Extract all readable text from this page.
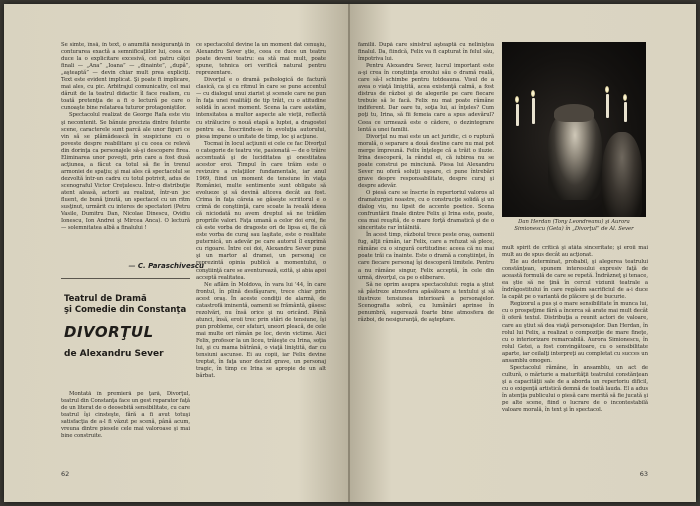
Se simte, însă, în text, o anumită nesiguranţă în conturarea exactă a semnificaţiilor lui, ceea ce duce la o explicitare excesivă, cei patru căţei finali — „Ana” „Ioana” — „dinainte”, „după”, „aşteaptă” — devin chiar mult prea expliciţi. Text este evident implicat. Şi poate fi implicare, mai ales, cu pic. Arbitrajul comunicativ, cel mai dăruit de la teatrul didactic îl face realism, cu toată pretenţia de a fi o lectură pe care o cunoaşte bine relatarea tuturor protagoniştilor.

Spectacolul realizat de George Rafa este viu şi necontenit. Se bănuie precizia dintre felurite scene, caracterele sunt parcă ale unor figuri ce vin să se plămădească în suspiciune cu o poveste despre reabilitare şi cu ceea ce relevă din dorinţa ca personajele să-şi descopere firea. Eliminarea unor poveşti, prin care a fost dusă acţiunea, a făcut ca totul să fie în trenul armoniei de spaţiu; şi mai ales că spectacolul se dezvoltă într-un cadru cu totul potrivit, adus de scenograful Victor Creţulescu. Într-o distribuţie atent aleasă, actorii au realizat, într-un joc fluent, de bună ţinută, un spectacol cu un ritm susţinut, urmărit cu interes de spectatori (Petru Vasile, Dumitru Dan, Nicolae Dinescu, Ovidiu Ionescu, Ion Andrei şi Mircea Anca). O lectură — solemnitatea albă a finalului !

— C. Paraschivescu
Teatrul de Dramă
şi Comedie din Constanţa
DIVORŢUL
de Alexandru Sever

Montată în premieră pe ţară, Divorţul, teatrul din Constanţa face un gest reparator faţă de un literat de o deosebită sensibilitate, cu care teatrul îşi cinsteşte, fără a fi avut totuşi satisfacţia de a-l fi văzut pe scenă, până acum, vreuna dintre piesele cele mai valoroase şi mai bine construite.

ce spectacolul devine la un moment dat cenuşiu, Alexandru Sever ştie, ceea ce duce un teatru poate deveni teatru: ea stă mai mult, poate spune, tehnica ori verifică natural pentru reprezentare.

Divorţul e o dramă psihologică de factură clasică, ca şi cu ritmul în care se pune accentul — cu dialogul unui ziarist şi scenele care ne pun în faţa unei realităţi de tip trăit, cu o atitudine solidă în acest moment. Scena la care asistăm, intensitatea a multor aspecte ale vieţii, reflectă cu strălucire o nouă etapă a luptei, a dragostei pentru ea. Înscriindu-se în evoluţia autorului, piesa impune o unitate de timp, loc şi acţiune.

Tocmai în locul acţiunii ei cele ce fac Divorţul o categorie de teatru vie, pasionată — de o trăire accentuată şi de luciditatea şi onestitatea acestor eroi. Timpul în care trăim este o revizuire a relaţiilor fundamentale, iar anul 1969, fiind un moment de tensiune în viaţa României, multe sentimente sunt obligate să evolueze şi să devină altceva decât au fost. Crima în faţa căreia se găseşte scriitorul e o crimă de conştiinţă, care scoate la iveală ideea că niciodată nu avem dreptul să ne trădăm propriile valori. Faţa umană a celor doi eroi, fie că este vorba de dragoste ori de lipsa ei, fie că este vorba de curaj sau laşitate, este o realitate puternică, un adevăr pe care autorul îl exprimă cu rigoare. Între cei doi, Alexandru Sever pune şi un martor al dramei, un personaj ce reprezintă opinia publică a momentului, o conştiinţă care se aventurează, ezită, şi abia apoi acceptă realitatea.

Ne aflăm în Moldova, în vara lui '44, în care frontul, în plină desfăşurare, trece chiar prin acest oraş. În aceste condiţii de alarmă, de catastrofă iminentă, oamenii se frământă, găsesc rezolvări, nu însă orice şi nu oricând. Până atunci, însă, eroii trec prin stări de tensiune, îşi pun probleme, cer sfaturi, uneori pleacă, de cele mai multe ori rămân pe loc, devin victime. Aici Felix, profesor la un liceu, trăieşte cu Irina, soţia lui, şi cu mama bătrână, o viaţă liniştită, dar cu tensiuni ascunse. Ei au copii, iar Felix devine treptat, în faţa unor decizii grave, un personaj tragic, în timp ce Irina se apropie de un alt bărbat.

62

familii. După care sinistrul aşteaptă cu neliniştea finalul. Da, fiindcă, Felix va fi capturat în felul său, împotriva lui.

Pentru Alexandru Sever, lucrul important este a-şi crea în conştiinţa eroului său o dramă reală, care să-l schimbe pentru totdeauna. Visul de a avea o viaţă liniştită, acea existenţă calmă, a fost distrus de război şi de alegerile pe care fiecare trebuie să le facă. Felix nu mai poate rămâne indiferent. Dar oare tu, soţia lui, ai înţeles? Cum poţi tu, Irina, să fii femeia care a spus adevărul? Ceea ce urmează este o cădere, o dezintegrare lentă a unei familii.

Divorţul nu mai este un act juridic, ci o ruptură morală, o separare a două destine care nu mai pot merge împreună. Felix înţelege că a trăit o iluzie. Irina descoperă, la rândul ei, că iubirea nu se poate construi pe minciună. Piesa lui Alexandru Sever nu oferă soluţii uşoare, ci pune întrebări grave despre responsabilitate, despre curaj şi despre adevăr.

O piesă care se înscrie în repertoriul valoros al dramaturgiei noastre, cu o construcţie solidă şi un dialog viu, nu lipsit de accente poetice. Scena confruntării finale dintre Felix şi Irina este, poate, cea mai reuşită, de o mare forţă dramatică şi de o sinceritate rar întâlnită.

În acest timp, războiul trece peste oraş, oamenii fug, alţii rămân, iar Felix, care a refuzat să plece, rămâne cu o singură certitudine: aceea că nu mai poate trăi ca înainte. Este o dramă a conştiinţei, în care fiecare personaj îşi descoperă limitele. Pentru a nu rămâne singur, Felix acceptă, în cele din urmă, divorţul, ca pe o eliberare.

Să ne oprim asupra spectacolului: regia a ştiut să păstreze atmosfera apăsătoare a textului şi să ilustreze tensiunea interioară a personajelor. Scenografia sobră, cu lumânări aprinse în penumbră, sugerează foarte bine atmosfera de război, de nesiguranţă, de aşteptare.

Dan Herdan (Tony Leondreanu) şi Aurora Simionescu (Geta) în „Divorţul” de Al. Sever

mult spirit de critică şi atâta sinceritate; şi eroii mai mult au de spus decât au acţionat.

Ele au determinat, probabil, şi alegerea teatrului constănţean, spunem interesului expresiv faţă de această formulă de care se repetă. Îndrăzneţ şi tenace, ea ştie să ne ţină în cercul viziunii teatrale a îndrăgostitului în care regăsim sacrificiul de a-i duce la capăt pe o variantă de plăcere şi de bucurie.

Regizorul a pus şi o mare sensibilitate în munca lui, cu o prospeţime fără a încerca să arate mai mult decât îi oferă textul. Distribuţia a reunit actori de valoare, care au ştiut să dea viaţă personajelor. Dan Herdan, în rolul lui Felix, a realizat o compoziţie de mare fineţe, cu o interiorizare remarcabilă. Aurora Simionescu, în rolul Getei, a fost convingătoare, cu o sensibilitate aparte, iar ceilalţi interpreţi au completat cu succes un ansamblu omogen.

Spectacolul rămâne, în ansamblu, un act de cultură, o mărturie a maturităţii teatrului constănţean şi a capacităţii sale de a aborda un repertoriu dificil, cu o exigenţă artistică demnă de toată lauda. El a adus în atenţia publicului o piesă care merită să fie jucată şi pe alte scene, fiind o lucrare de o incontestabilă valoare morală, în text şi în spectacol.

63
